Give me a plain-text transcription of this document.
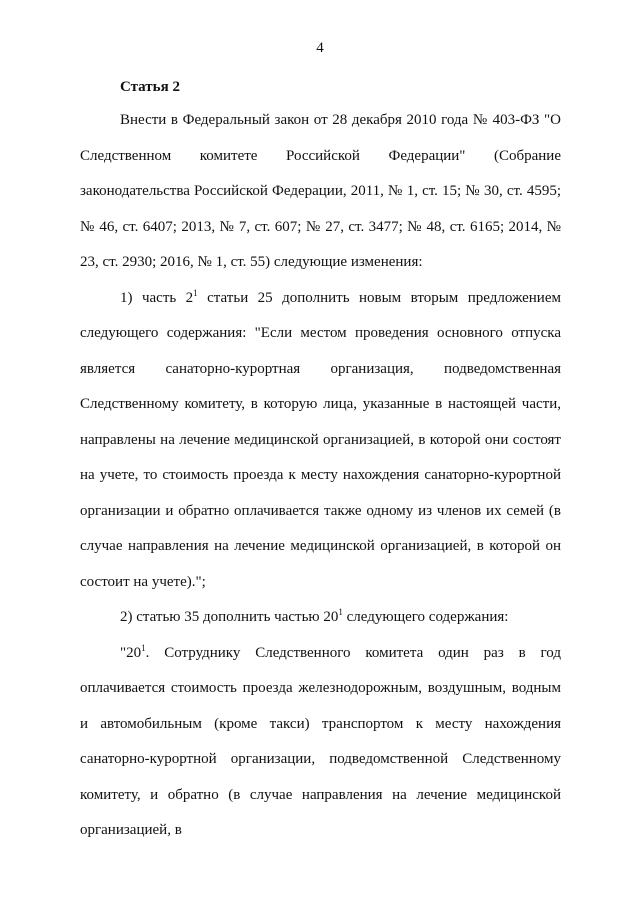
4
Статья 2

Внести в Федеральный закон от 28 декабря 2010 года № 403-ФЗ "О Следственном комитете Российской Федерации" (Собрание законодательства Российской Федерации, 2011, № 1, ст. 15; № 30, ст. 4595; № 46, ст. 6407; 2013, № 7, ст. 607; № 27, ст. 3477; № 48, ст. 6165; 2014, № 23, ст. 2930; 2016, № 1, ст. 55) следующие изменения:

1) часть $2^1$ статьи 25 дополнить новым вторым предложением следующего содержания: "Если местом проведения основного отпуска является санаторно-курортная организация, подведомственная Следственному комитету, в которую лица, указанные в настоящей части, направлены на лечение медицинской организацией, в которой они состоят на учете, то стоимость проезда к месту нахождения санаторно-курортной организации и обратно оплачивается также одному из членов их семей (в случае направления на лечение медицинской организацией, в которой он состоит на учете).";

2) статью 35 дополнить частью $20^1$ следующего содержания:

"$20^1$. Сотруднику Следственного комитета один раз в год оплачивается стоимость проезда железнодорожным, воздушным, водным и автомобильным (кроме такси) транспортом к месту нахождения санаторно-курортной организации, подведомственной Следственному комитету, и обратно (в случае направления на лечение медицинской организацией, в
